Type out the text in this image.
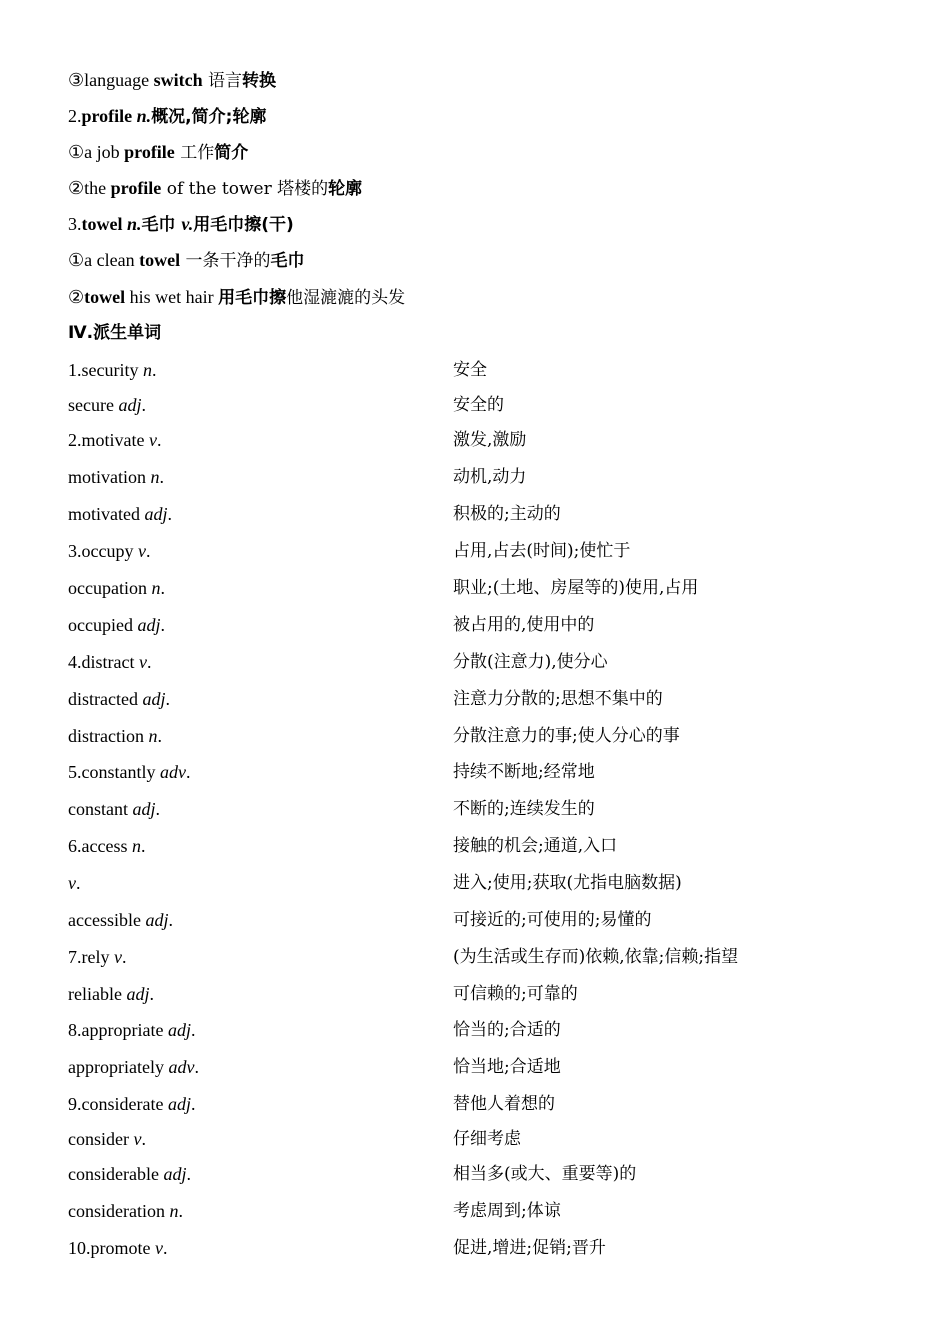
③language switch 语言转换
2.profile n.概况,简介;轮廓
①a job profile 工作简介
②the profile of the tower 塔楼的轮廓
3.towel n.毛巾 v.用毛巾擦(干)
①a clean towel 一条干净的毛巾
②towel his wet hair 用毛巾擦他湿漉漉的头发
Ⅳ.派生单词
1.security n.	安全
secure adj.	安全的
2.motivate v.	激发,激励
motivation n.	动机,动力
motivated adj.	积极的;主动的
3.occupy v.	占用,占去(时间);使忙于
occupation n.	职业;(土地、房屋等的)使用,占用
occupied adj.	被占用的,使用中的
4.distract v.	分散(注意力),使分心
distracted adj.	注意力分散的;思想不集中的
distraction n.	分散注意力的事;使人分心的事
5.constantly adv.	持续不断地;经常地
constant adj.	不断的;连续发生的
6.access n.	接触的机会;通道,入口
v.	进入;使用;获取(尤指电脑数据)
accessible adj.	可接近的;可使用的;易懂的
7.rely v.	(为生活或生存而)依赖,依靠;信赖;指望
reliable adj.	可信赖的;可靠的
8.appropriate adj.	恰当的;合适的
appropriately adv.	恰当地;合适地
9.considerate adj.	替他人着想的
consider v.	仔细考虑
considerable adj.	相当多(或大、重要等)的
consideration n.	考虑周到;体谅
10.promote v.	促进,增进;促销;晋升
